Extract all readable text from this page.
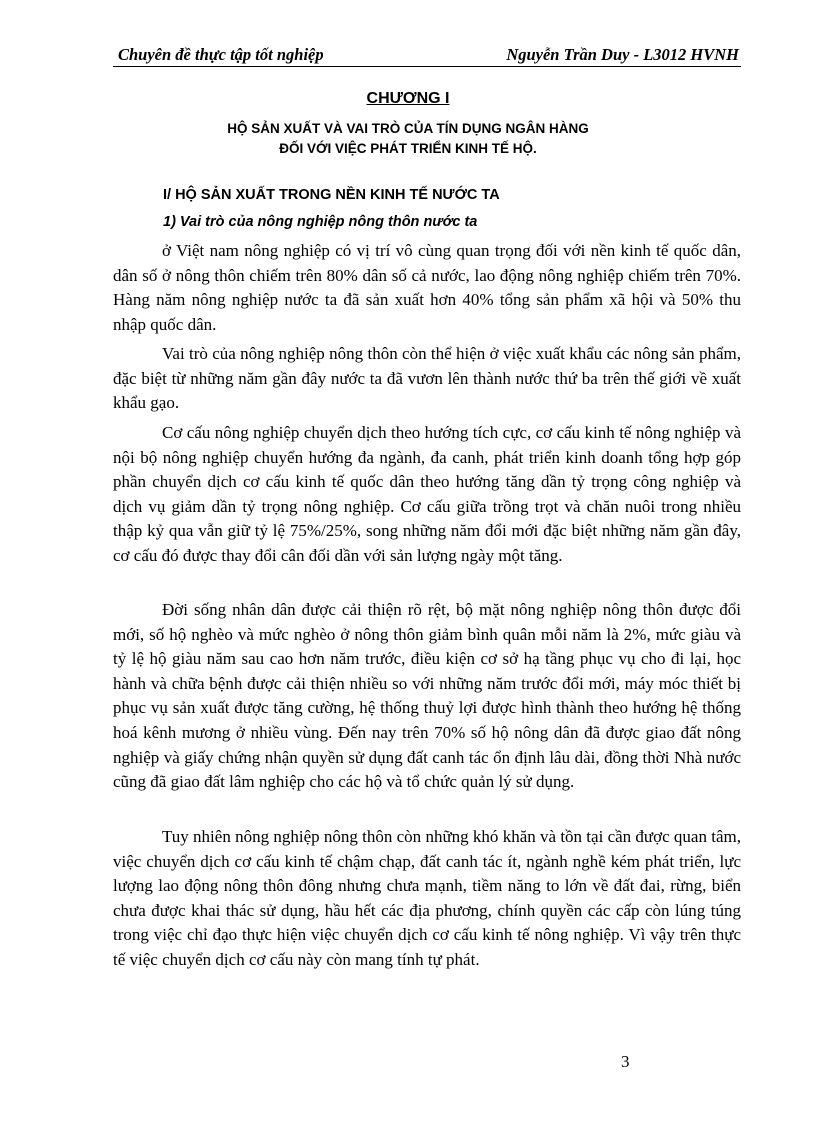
Chuyên đề thực tập tốt nghiệp	Nguyễn Trần Duy - L3012 HVNH
CHƯƠNG I
HỘ SẢN XUẤT VÀ VAI TRÒ CỦA TÍN DỤNG NGÂN HÀNG
ĐỐI VỚI VIỆC PHÁT TRIỂN KINH TẾ HỘ.
I/ HỘ SẢN XUẤT TRONG NỀN KINH TẾ NƯỚC TA
1) Vai trò của nông nghiệp nông thôn nước ta

ở Việt nam nông nghiệp có vị trí vô cùng quan trọng đối với nền kinh tế quốc dân, dân số ở nông thôn chiếm trên 80% dân số cả nước, lao động nông nghiệp chiếm trên 70%. Hàng năm nông nghiệp nước ta đã sản xuất hơn 40% tổng sản phẩm xã hội và 50% thu nhập quốc dân.

Vai trò của nông nghiệp nông thôn còn thể hiện ở việc xuất khẩu các nông sản phẩm, đặc biệt từ những năm gần đây nước ta đã vươn lên thành nước thứ ba trên thế giới về xuất khẩu gạo.

Cơ cấu nông nghiệp chuyển dịch theo hướng tích cực, cơ cấu kinh tế nông nghiệp và nội bộ nông nghiệp chuyển hướng đa ngành, đa canh, phát triển kinh doanh tổng hợp góp phần chuyển dịch cơ cấu kinh tế quốc dân theo hướng tăng dần tỷ trọng công nghiệp và dịch vụ giảm dần tỷ trọng nông nghiệp. Cơ cấu giữa trồng trọt và chăn nuôi trong nhiều thập kỷ qua vẫn giữ tỷ lệ 75%/25%, song những năm đổi mới đặc biệt những năm gần đây, cơ cấu đó được thay đổi cân đối dần với sản lượng ngày một tăng.

Đời sống nhân dân được cải thiện rõ rệt, bộ mặt nông nghiệp nông thôn được đổi mới, số hộ nghèo và mức nghèo ở nông thôn giảm bình quân mỗi năm là 2%, mức giàu và tỷ lệ hộ giàu năm sau cao hơn năm trước, điều kiện cơ sở hạ tầng phục vụ cho đi lại, học hành và chữa bệnh được cải thiện nhiều so với những năm trước đổi mới, máy móc thiết bị phục vụ sản xuất được tăng cường, hệ thống thuỷ lợi được hình thành theo hướng hệ thống hoá kênh mương ở nhiều vùng. Đến nay trên 70% số hộ nông dân đã được giao đất nông nghiệp và giấy chứng nhận quyền sử dụng đất canh tác ổn định lâu dài, đồng thời Nhà nước cũng đã giao đất lâm nghiệp cho các hộ và tổ chức quản lý sử dụng.

Tuy nhiên nông nghiệp nông thôn còn những khó khăn và tồn tại cần được quan tâm, việc chuyển dịch cơ cấu kinh tế chậm chạp, đất canh tác ít, ngành nghề kém phát triển, lực lượng lao động nông thôn đông nhưng chưa mạnh, tiềm năng to lớn về đất đai, rừng, biển chưa được khai thác sử dụng, hầu hết các địa phương, chính quyền các cấp còn lúng túng trong việc chỉ đạo thực hiện việc chuyển dịch cơ cấu kinh tế nông nghiệp. Vì vậy trên thực tế việc chuyển dịch cơ cấu này còn mang tính tự phát.

3
